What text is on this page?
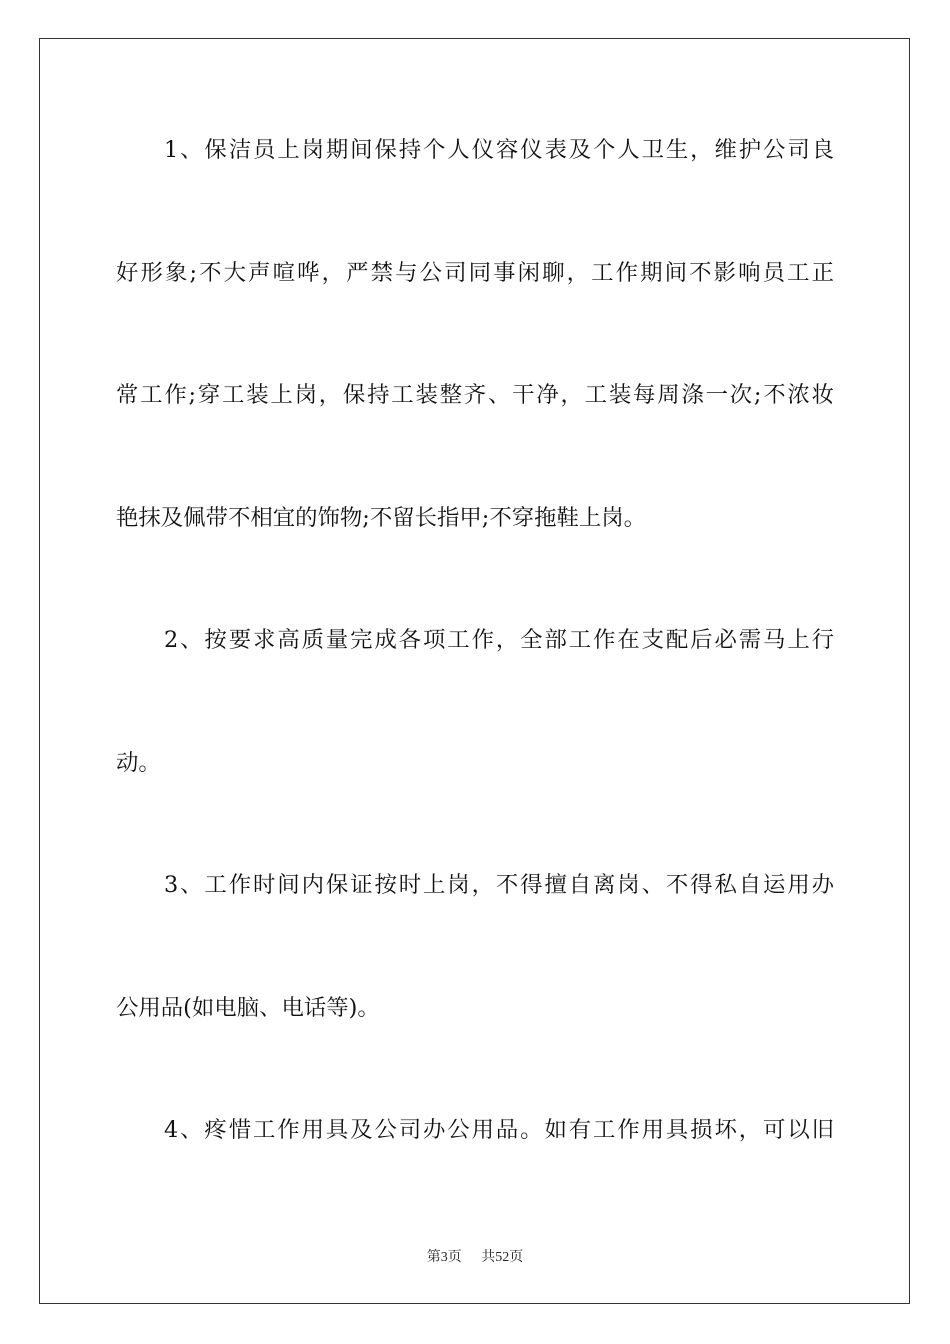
1、保洁员上岗期间保持个人仪容仪表及个人卫生，维护公司良
好形象;不大声喧哗，严禁与公司同事闲聊，工作期间不影响员工正
常工作;穿工装上岗，保持工装整齐、干净，工装每周涤一次;不浓妆
艳抹及佩带不相宜的饰物;不留长指甲;不穿拖鞋上岗。
2、按要求高质量完成各项工作，全部工作在支配后必需马上行
动。
3、工作时间内保证按时上岗，不得擅自离岗、不得私自运用办
公用品(如电脑、电话等)。
4、疼惜工作用具及公司办公用品。如有工作用具损坏，可以旧
第3页 共52页
